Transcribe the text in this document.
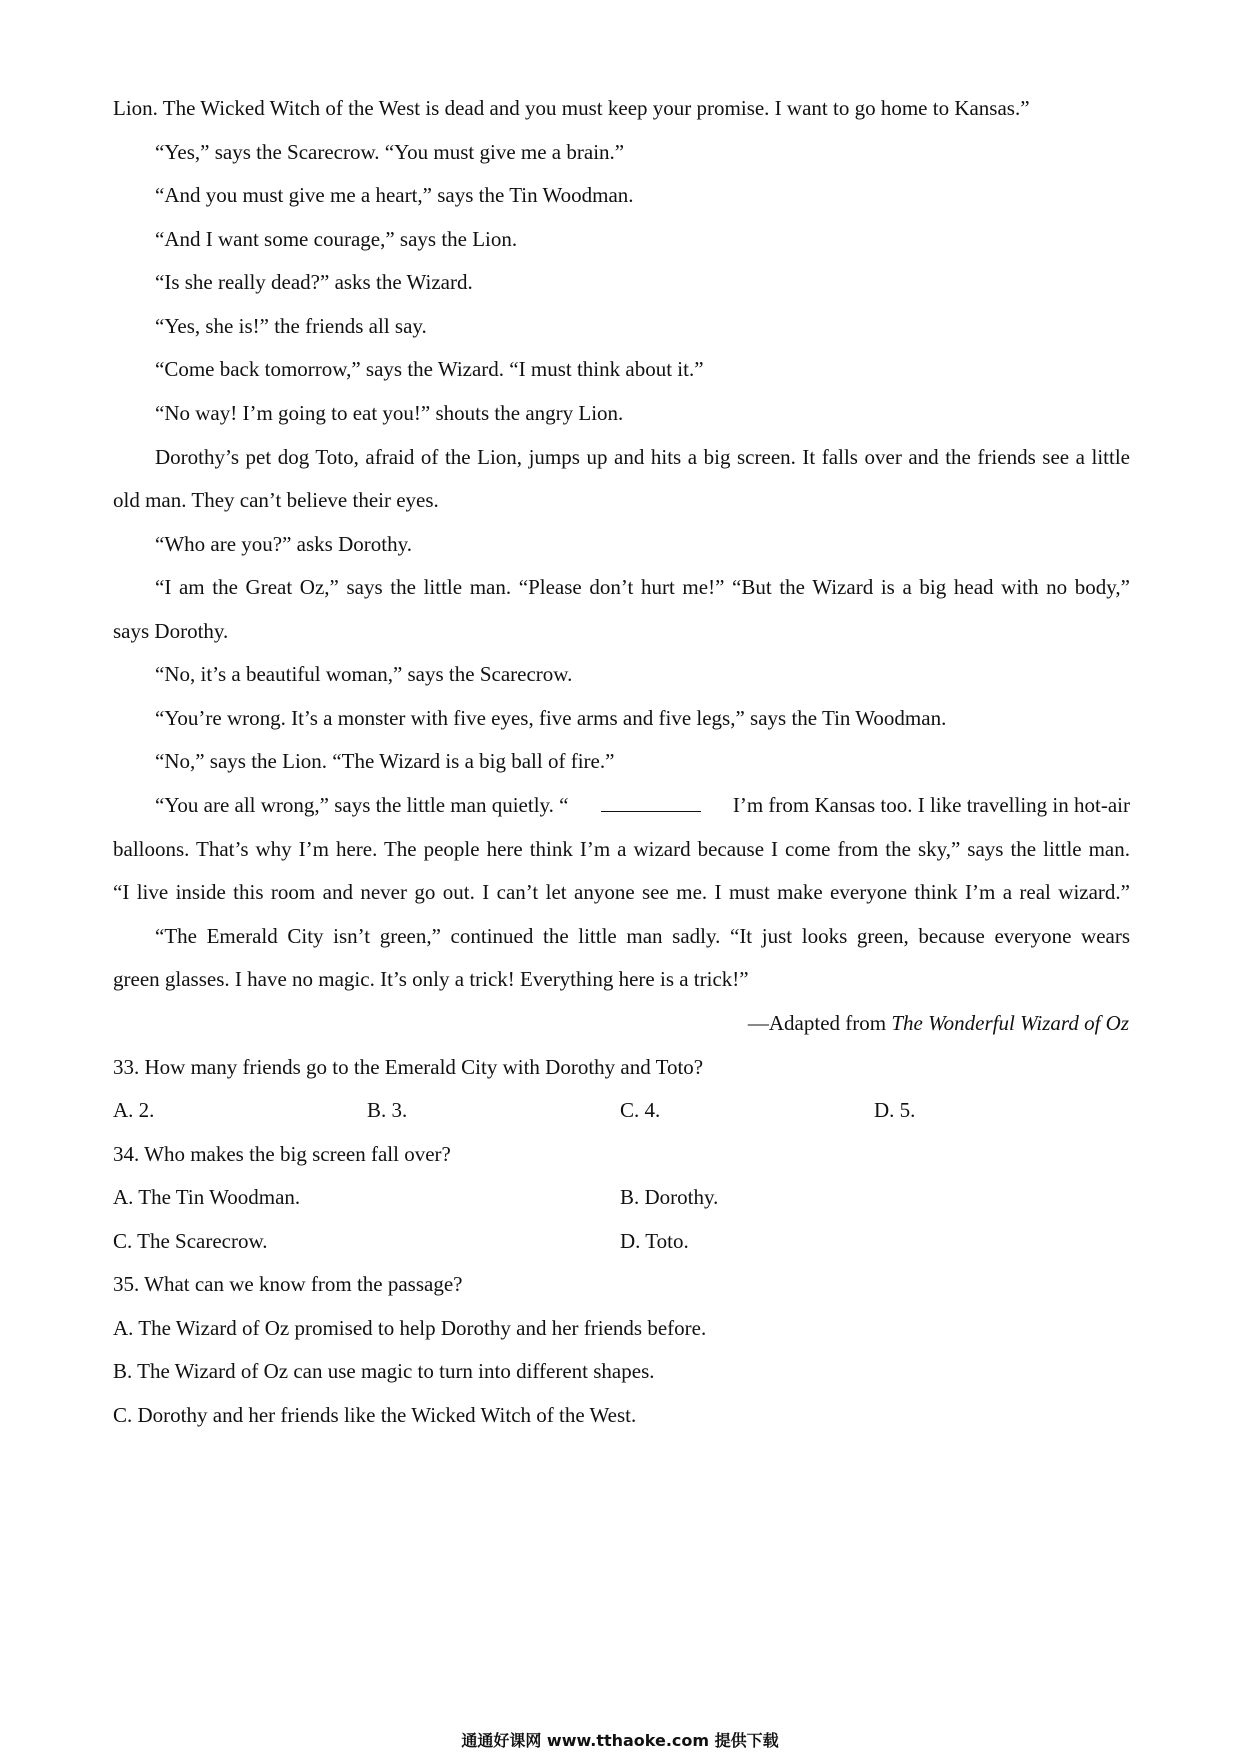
Lion. The Wicked Witch of the West is dead and you must keep your promise. I want to go home to Kansas.”
“Yes,” says the Scarecrow. “You must give me a brain.”
“And you must give me a heart,” says the Tin Woodman.
“And I want some courage,” says the Lion.
“Is she really dead?” asks the Wizard.
“Yes, she is!” the friends all say.
“Come back tomorrow,” says the Wizard. “I must think about it.”
“No way! I’m going to eat you!” shouts the angry Lion.
Dorothy’s pet dog Toto, afraid of the Lion, jumps up and hits a big screen. It falls over and the friends see a little
old man. They can’t believe their eyes.
“Who are you?” asks Dorothy.
“I am the Great Oz,” says the little man. “Please don’t hurt me!” “But the Wizard is a big head with no body,”
says Dorothy.
“No, it’s a beautiful woman,” says the Scarecrow.
“You’re wrong. It’s a monster with five eyes, five arms and five legs,” says the Tin Woodman.
“No,” says the Lion. “The Wizard is a big ball of fire.”
“You are all wrong,” says the little man quietly. “	I’m from Kansas too. I like travelling in hot-air
balloons. That’s why I’m here. The people here think I’m a wizard because I come from the sky,” says the little man.
“I live inside this room and never go out. I can’t let anyone see me. I must make everyone think I’m a real wizard.”
“The Emerald City isn’t green,” continued the little man sadly. “It just looks green, because everyone wears
green glasses. I have no magic. It’s only a trick! Everything here is a trick!”
—Adapted from The Wonderful Wizard of Oz
33. How many friends go to the Emerald City with Dorothy and Toto?
A. 2.	B. 3.	C. 4.	D. 5.
34. Who makes the big screen fall over?
A. The Tin Woodman.	B. Dorothy.
C. The Scarecrow.	D. Toto.
35. What can we know from the passage?
A. The Wizard of Oz promised to help Dorothy and her friends before.
B. The Wizard of Oz can use magic to turn into different shapes.
C. Dorothy and her friends like the Wicked Witch of the West.
通通好课网 www.tthaoke.com 提供下载
